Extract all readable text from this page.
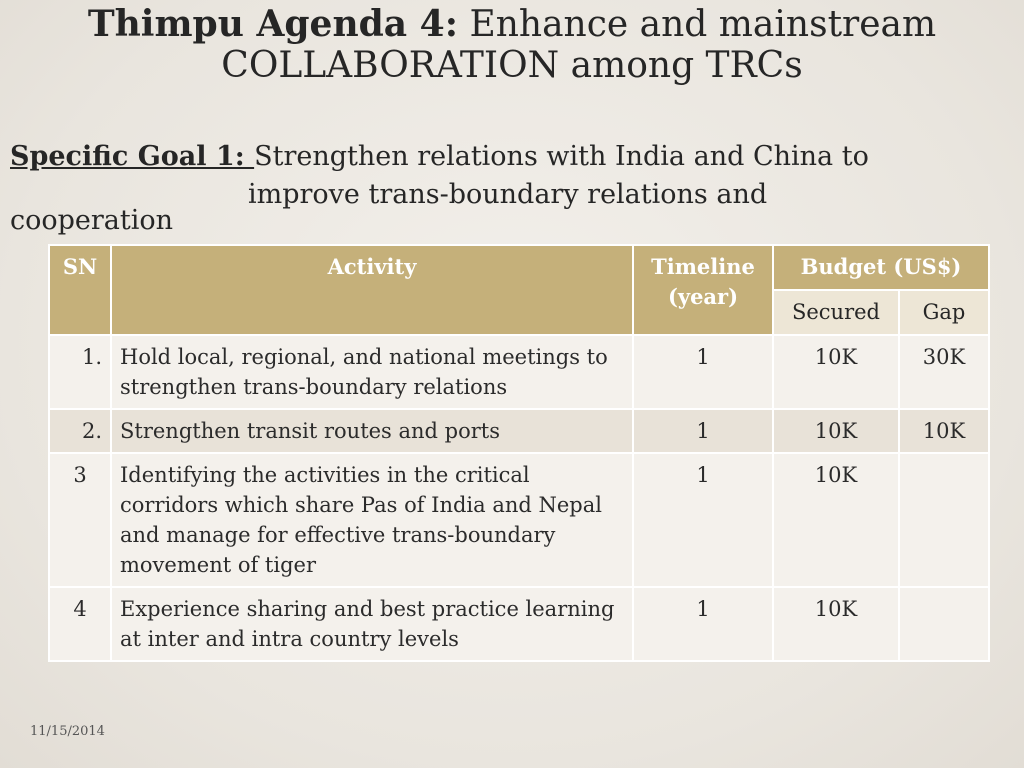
Thimpu Agenda 4: Enhance and mainstream
COLLABORATION among TRCs
Specific Goal 1: Strengthen relations with India and China to
improve trans-boundary relations and
cooperation
SN	Activity	Timeline (year)	Budget (US$)	
			Secured	Gap
1.	Hold local, regional, and national meetings to strengthen trans-boundary relations	1	10K	30K
2.	Strengthen transit routes and ports	1	10K	10K
3	Identifying the activities in the critical corridors which share Pas of India and Nepal and manage for effective trans-boundary movement of tiger	1	10K	
4	Experience sharing and best practice learning at inter and intra country levels	1	10K	
11/15/2014
